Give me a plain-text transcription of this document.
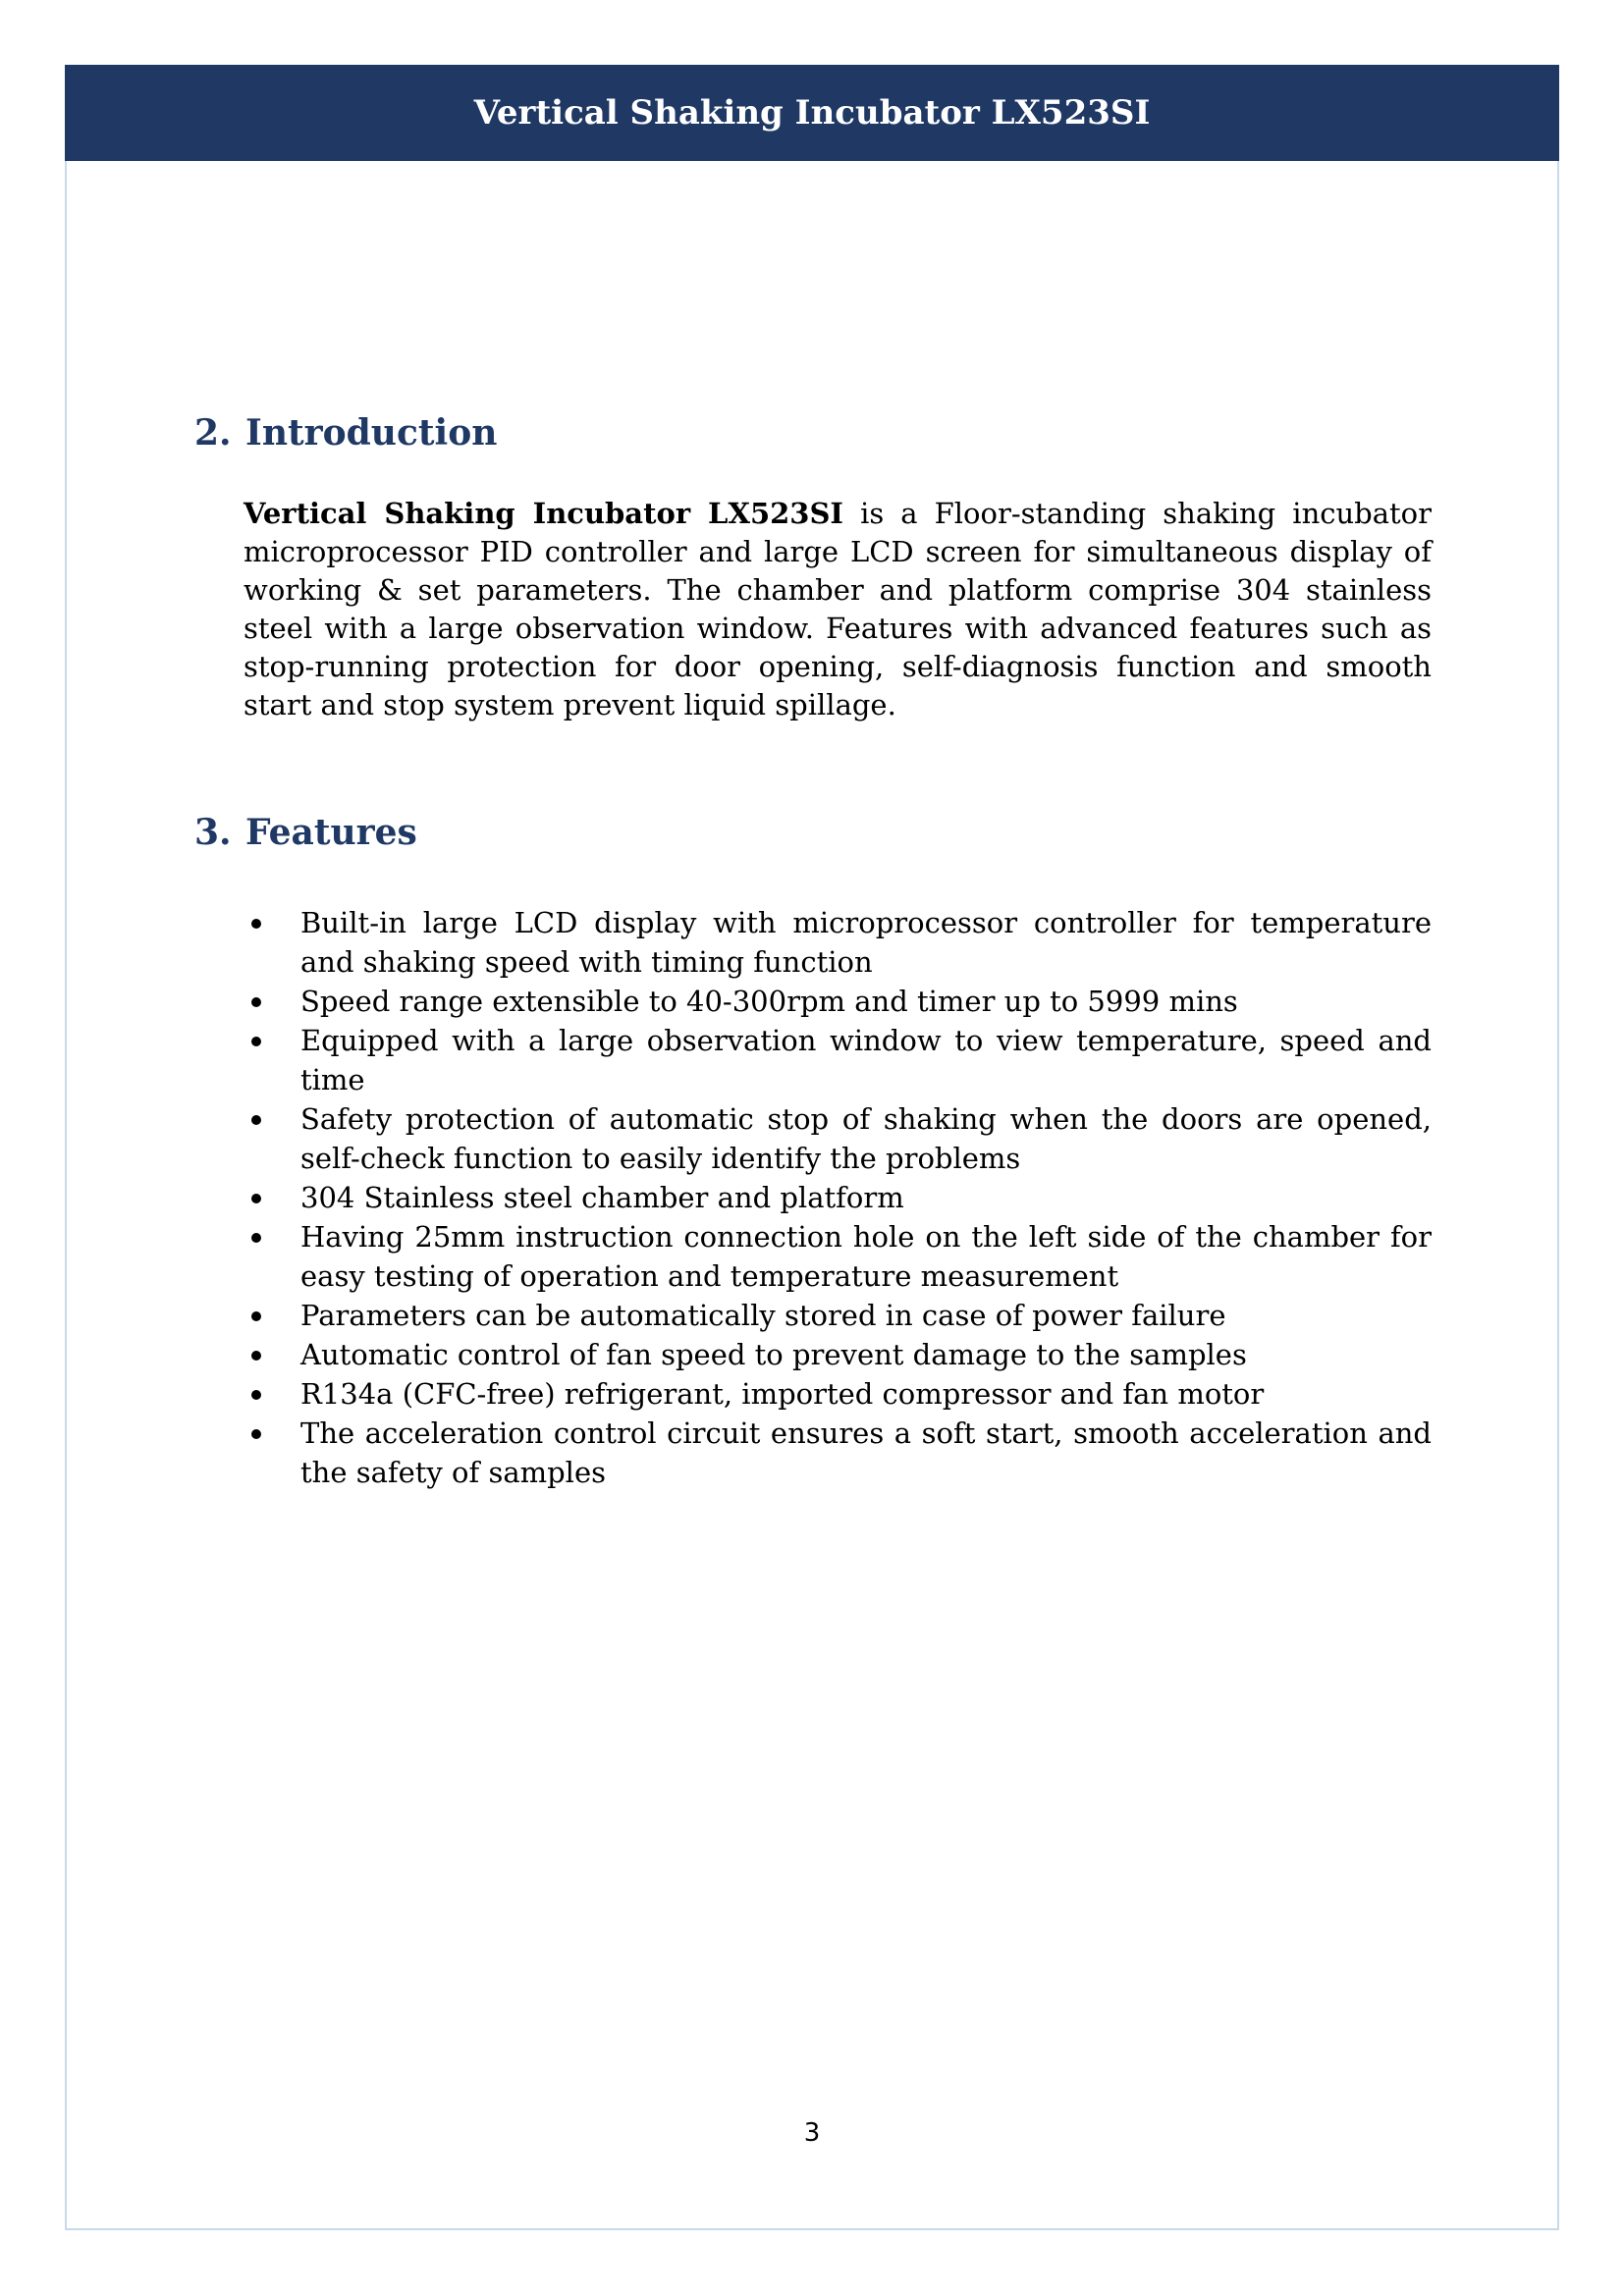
Vertical Shaking Incubator LX523SI
2. Introduction

Vertical Shaking Incubator LX523SI is a Floor-standing shaking incubator microprocessor PID controller and large LCD screen for simultaneous display of working & set parameters. The chamber and platform comprise 304 stainless steel with a large observation window. Features with advanced features such as stop-running protection for door opening, self-diagnosis function and smooth start and stop system prevent liquid spillage.

3. Features
Built-in large LCD display with microprocessor controller for temperature and shaking speed with timing function
Speed range extensible to 40-300rpm and timer up to 5999 mins
Equipped with a large observation window to view temperature, speed and time
Safety protection of automatic stop of shaking when the doors are opened, self-check function to easily identify the problems
304 Stainless steel chamber and platform
Having 25mm instruction connection hole on the left side of the chamber for easy testing of operation and temperature measurement
Parameters can be automatically stored in case of power failure
Automatic control of fan speed to prevent damage to the samples
R134a (CFC-free) refrigerant, imported compressor and fan motor
The acceleration control circuit ensures a soft start, smooth acceleration and the safety of samples
3
